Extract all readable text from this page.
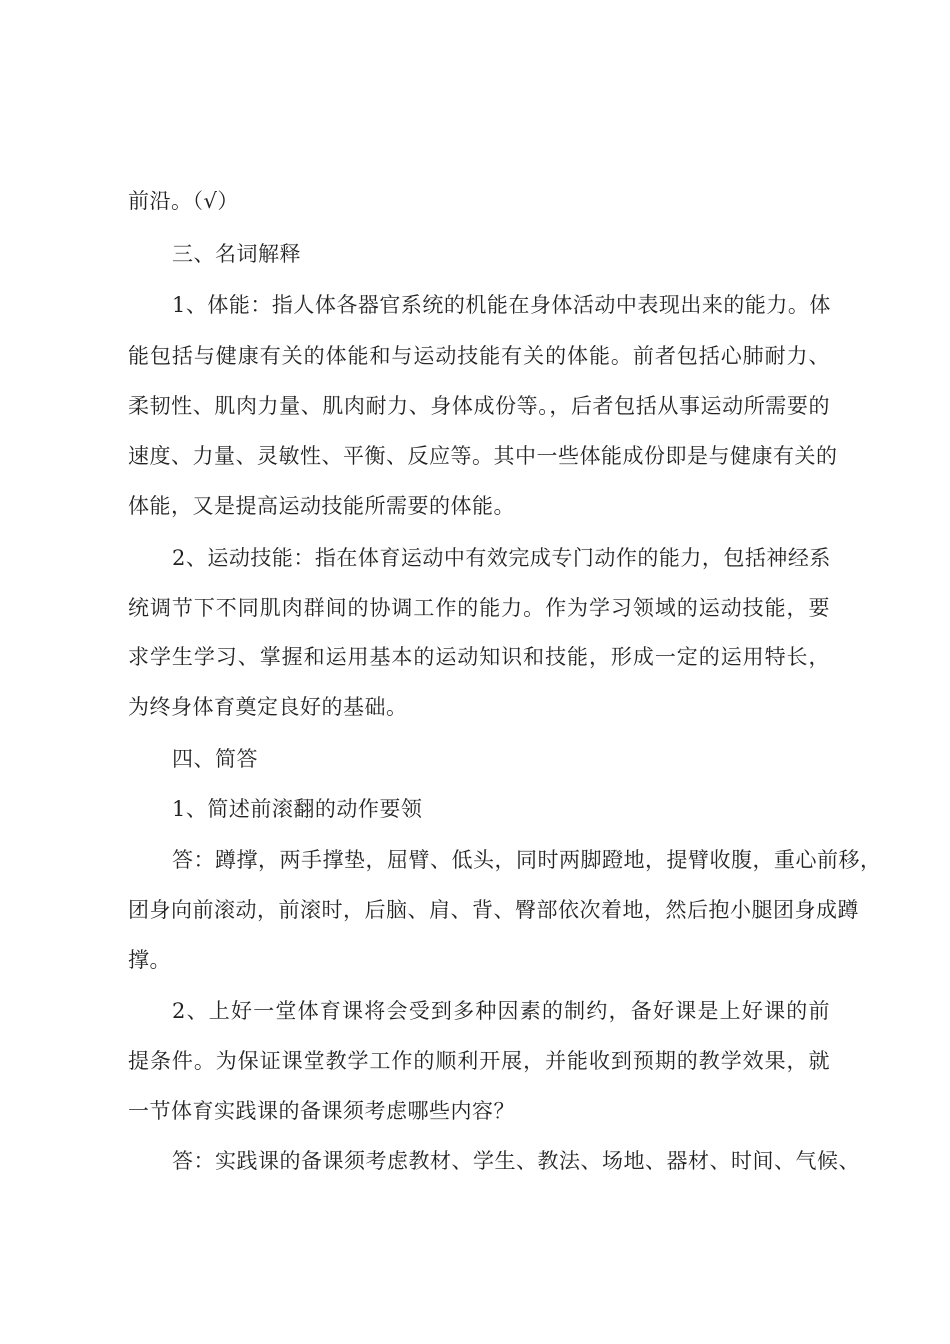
前沿。（√）
三、名词解释
1、体能：指人体各器官系统的机能在身体活动中表现出来的能力。体
能包括与健康有关的体能和与运动技能有关的体能。前者包括心肺耐力、
柔韧性、肌肉力量、肌肉耐力、身体成份等。，后者包括从事运动所需要的
速度、力量、灵敏性、平衡、反应等。其中一些体能成份即是与健康有关的
体能，又是提高运动技能所需要的体能。
2、运动技能：指在体育运动中有效完成专门动作的能力，包括神经系
统调节下不同肌肉群间的协调工作的能力。作为学习领域的运动技能，要
求学生学习、掌握和运用基本的运动知识和技能，形成一定的运用特长，
为终身体育奠定良好的基础。
四、简答
1、简述前滚翻的动作要领
答：蹲撑，两手撑垫，屈臂、低头，同时两脚蹬地，提臂收腹，重心前移，
团身向前滚动，前滚时，后脑、肩、背、臀部依次着地，然后抱小腿团身成蹲
撑。
2、上好一堂体育课将会受到多种因素的制约，备好课是上好课的前
提条件。为保证课堂教学工作的顺利开展，并能收到预期的教学效果，就
一节体育实践课的备课须考虑哪些内容？
答：实践课的备课须考虑教材、学生、教法、场地、器材、时间、气候、
